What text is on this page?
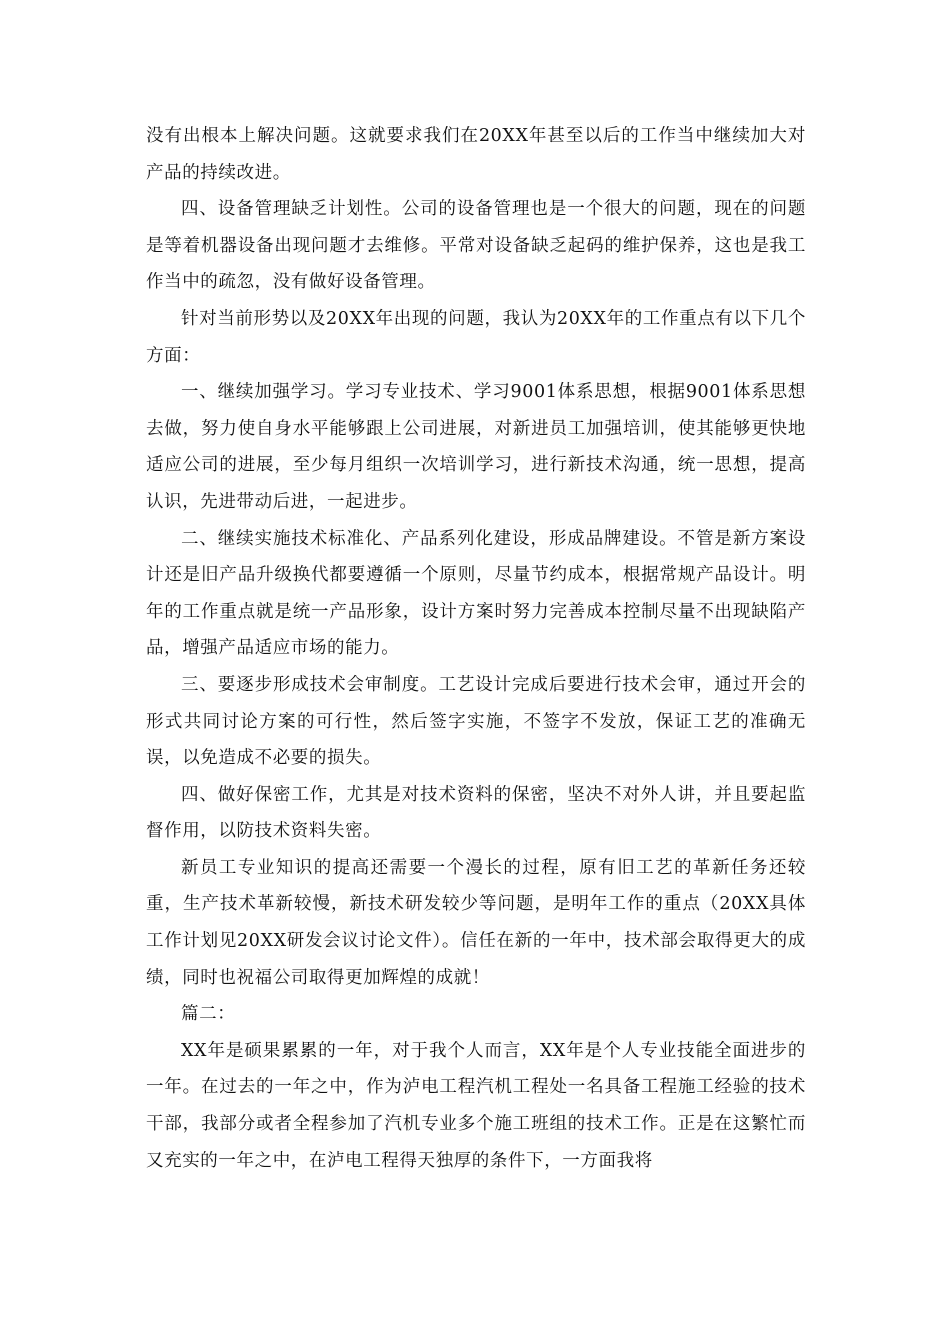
没有出根本上解决问题。这就要求我们在20XX年甚至以后的工作当中继续加大对产品的持续改进。

四、设备管理缺乏计划性。公司的设备管理也是一个很大的问题，现在的问题是等着机器设备出现问题才去维修。平常对设备缺乏起码的维护保养，这也是我工作当中的疏忽，没有做好设备管理。

针对当前形势以及20XX年出现的问题，我认为20XX年的工作重点有以下几个方面：

一、继续加强学习。学习专业技术、学习9001体系思想，根据9001体系思想去做，努力使自身水平能够跟上公司进展，对新进员工加强培训，使其能够更快地适应公司的进展，至少每月组织一次培训学习，进行新技术沟通，统一思想，提高认识，先进带动后进，一起进步。

二、继续实施技术标准化、产品系列化建设，形成品牌建设。不管是新方案设计还是旧产品升级换代都要遵循一个原则，尽量节约成本，根据常规产品设计。明年的工作重点就是统一产品形象，设计方案时努力完善成本控制尽量不出现缺陷产品，增强产品适应市场的能力。

三、要逐步形成技术会审制度。工艺设计完成后要进行技术会审，通过开会的形式共同讨论方案的可行性，然后签字实施，不签字不发放，保证工艺的准确无误，以免造成不必要的损失。

四、做好保密工作，尤其是对技术资料的保密，坚决不对外人讲，并且要起监督作用，以防技术资料失密。

新员工专业知识的提高还需要一个漫长的过程，原有旧工艺的革新任务还较重，生产技术革新较慢，新技术研发较少等问题，是明年工作的重点（20XX具体工作计划见20XX研发会议讨论文件）。信任在新的一年中，技术部会取得更大的成绩，同时也祝福公司取得更加辉煌的成就！

篇二：

XX年是硕果累累的一年，对于我个人而言，XX年是个人专业技能全面进步的一年。在过去的一年之中，作为泸电工程汽机工程处一名具备工程施工经验的技术干部，我部分或者全程参加了汽机专业多个施工班组的技术工作。正是在这繁忙而又充实的一年之中，在泸电工程得天独厚的条件下，一方面我将
